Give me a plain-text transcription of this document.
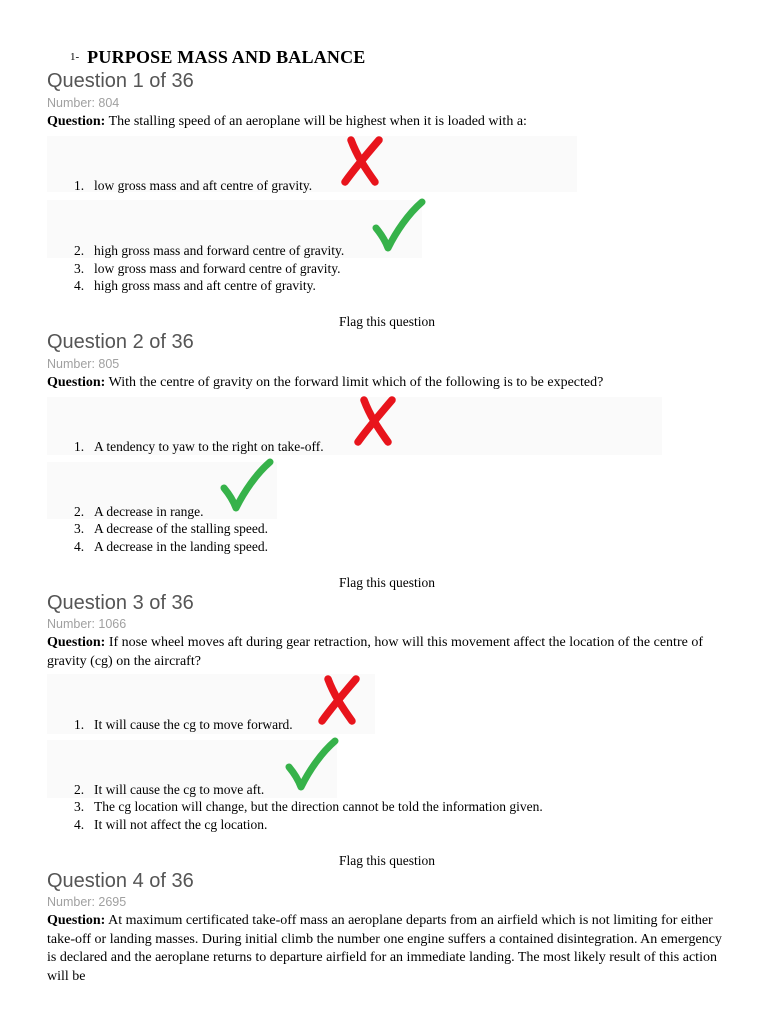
1- PURPOSE MASS AND BALANCE
Question 1 of 36
Number: 804
Question: The stalling speed of an aeroplane will be highest when it is loaded with a:
1. low gross mass and aft centre of gravity.
2. high gross mass and forward centre of gravity.
3. low gross mass and forward centre of gravity.
4. high gross mass and aft centre of gravity.
Flag this question
Question 2 of 36
Number: 805
Question: With the centre of gravity on the forward limit which of the following is to be expected?
1. A tendency to yaw to the right on take-off.
2. A decrease in range.
3. A decrease of the stalling speed.
4. A decrease in the landing speed.
Flag this question
Question 3 of 36
Number: 1066
Question: If nose wheel moves aft during gear retraction, how will this movement affect the location of the centre of gravity (cg) on the aircraft?
1. It will cause the cg to move forward.
2. It will cause the cg to move aft.
3. The cg location will change, but the direction cannot be told the information given.
4. It will not affect the cg location.
Flag this question
Question 4 of 36
Number: 2695
Question: At maximum certificated take-off mass an aeroplane departs from an airfield which is not limiting for either take-off or landing masses. During initial climb the number one engine suffers a contained disintegration. An emergency is declared and the aeroplane returns to departure airfield for an immediate landing. The most likely result of this action will be
